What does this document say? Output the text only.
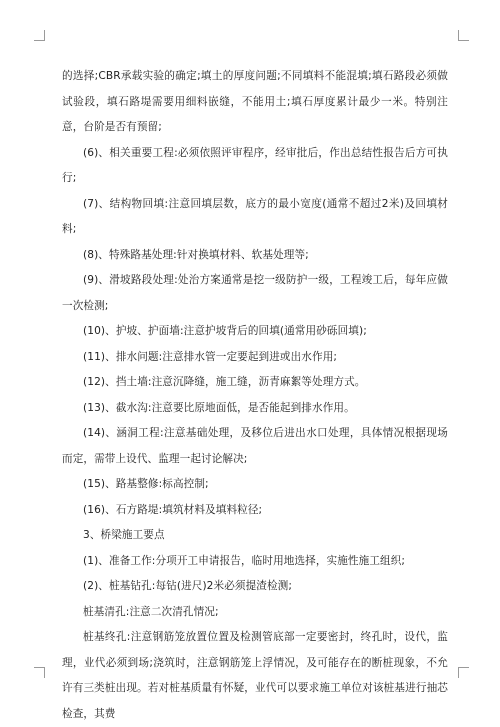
的选择;CBR承载实验的确定;填土的厚度问题;不同填料不能混填;填石路段必须做试验段，填石路堤需要用细料嵌缝，不能用土;填石厚度累计最少一米。特别注意，台阶是否有预留;

(6)、相关重要工程:必须依照评审程序，经审批后，作出总结性报告后方可执行;

(7)、结构物回填:注意回填层数，底方的最小宽度(通常不超过2米)及回填材料;

(8)、特殊路基处理:针对换填材料、软基处理等;

(9)、滑坡路段处理:处治方案通常是挖一级防护一级，工程竣工后，每年应做一次检测;

(10)、护坡、护面墙:注意护坡背后的回填(通常用砂砾回填);

(11)、排水问题:注意排水管一定要起到进或出水作用;

(12)、挡土墙:注意沉降缝，施工缝，沥青麻絮等处理方式。

(13)、截水沟:注意要比原地面低，是否能起到排水作用。

(14)、涵洞工程:注意基础处理，及移位后进出水口处理，具体情况根据现场而定，需带上设代、监理一起讨论解决;

(15)、路基整修:标高控制;

(16)、石方路堤:填筑材料及填料粒径;

3、桥梁施工要点

(1)、准备工作:分项开工申请报告，临时用地选择，实施性施工组织;

(2)、桩基钻孔:每钻(进尺)2米必须提渣检测;

桩基清孔:注意二次清孔情况;

桩基终孔:注意钢筋笼放置位置及检测管底部一定要密封，终孔时，设代，监理，业代必须到场;浇筑时，注意钢筋笼上浮情况，及可能存在的断桩现象，不允许有三类桩出现。若对桩基质量有怀疑，业代可以要求施工单位对该桩基进行抽芯检查，其费
